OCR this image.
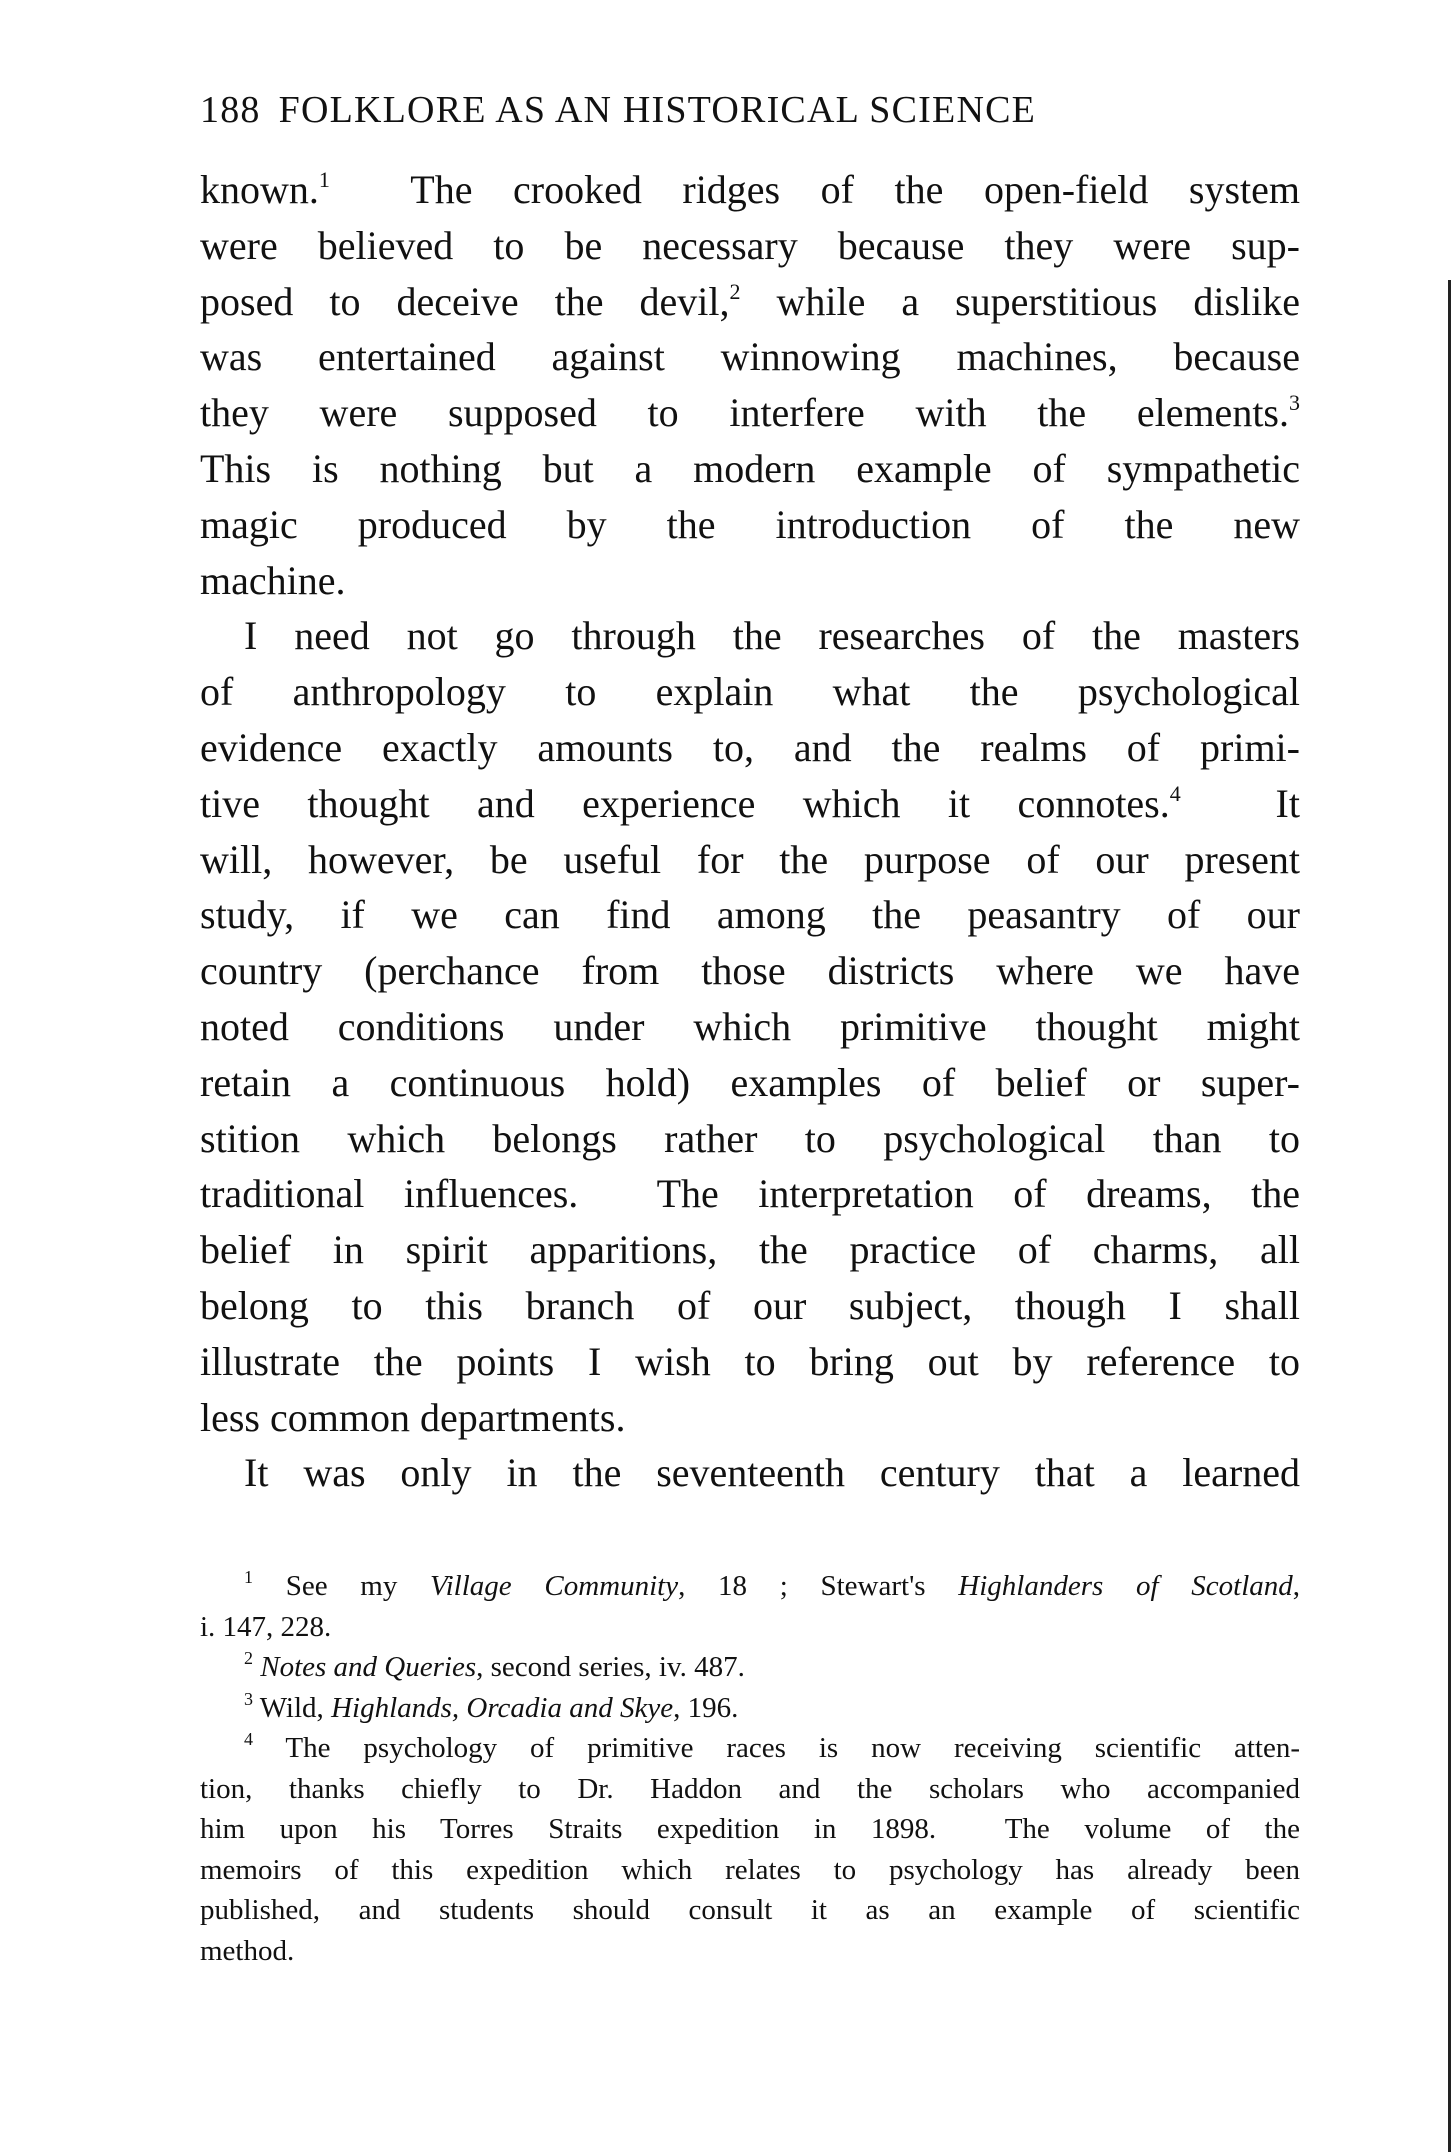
188 FOLKLORE AS AN HISTORICAL SCIENCE
known.$^1$  The crooked ridges of the open-field system
were believed to be necessary because they were sup-
posed to deceive the devil,$^2$ while a superstitious dislike
was entertained against winnowing machines, because
they were supposed to interfere with the elements.$^3$
This is nothing but a modern example of sympathetic
magic produced by the introduction of the new
machine.
I need not go through the researches of the masters
of anthropology to explain what the psychological
evidence exactly amounts to, and the realms of primi-
tive thought and experience which it connotes.$^4$  It
will, however, be useful for the purpose of our present
study, if we can find among the peasantry of our
country (perchance from those districts where we have
noted conditions under which primitive thought might
retain a continuous hold) examples of belief or super-
stition which belongs rather to psychological than to
traditional influences.  The interpretation of dreams, the
belief in spirit apparitions, the practice of charms, all
belong to this branch of our subject, though I shall
illustrate the points I wish to bring out by reference to
less common departments.
It was only in the seventeenth century that a learned
$^1$ See my Village Community, 18 ; Stewart's Highlanders of Scotland,
i. 147, 228.
$^2$ Notes and Queries, second series, iv. 487.
$^3$ Wild, Highlands, Orcadia and Skye, 196.
$^4$ The psychology of primitive races is now receiving scientific atten-
tion, thanks chiefly to Dr. Haddon and the scholars who accompanied
him upon his Torres Straits expedition in 1898.  The volume of the
memoirs of this expedition which relates to psychology has already been
published, and students should consult it as an example of scientific
method.
